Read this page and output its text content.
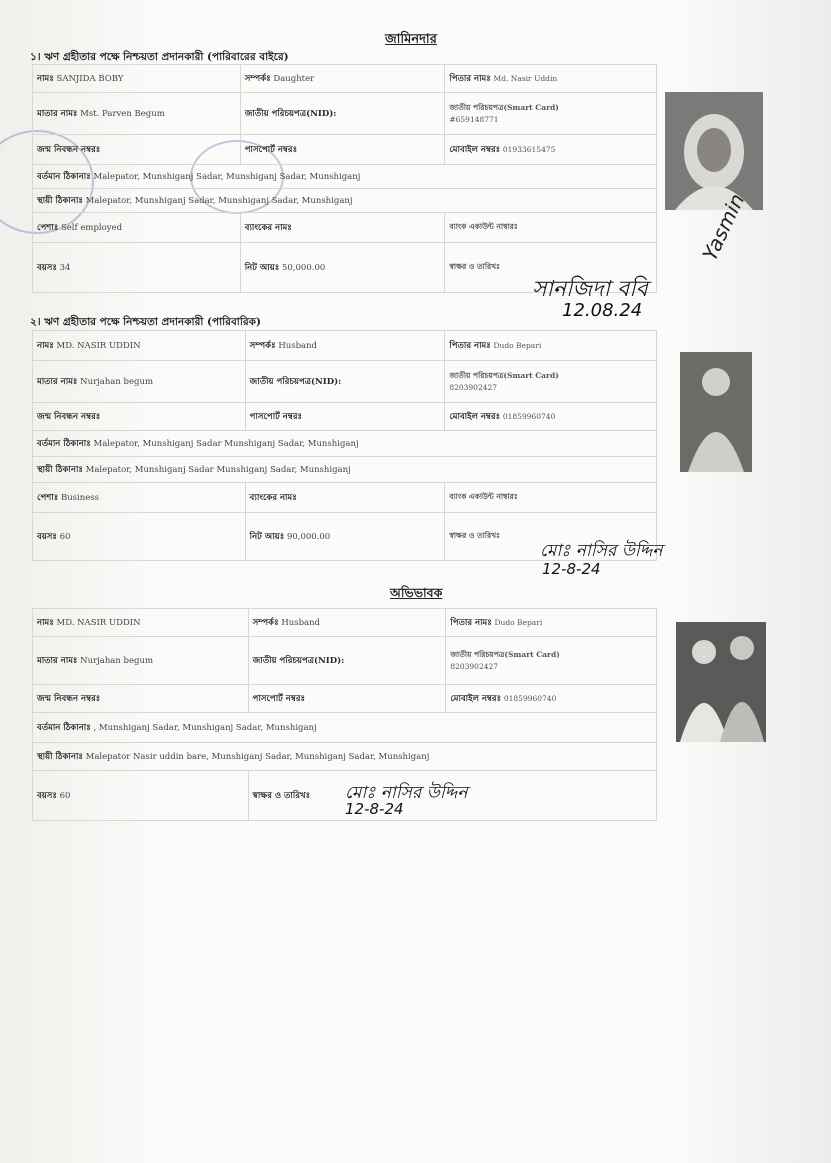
জামিনদার
১। ঋণ গ্রহীতার পক্ষে নিশ্চয়তা প্রদানকারী (পারিবারের বাইরে)
নামঃ SANJIDA BOBY	সম্পর্কঃ Daughter	পিতার নামঃ Md. Nasir Uddin
মাতার নামঃ Mst. Parven Begum	জাতীয় পরিচয়পত্র(NID):	জাতীয় পরিচয়পত্র(Smart Card)
#6591487​71
জন্ম নিবন্ধন নম্বরঃ	পাসপোর্ট নম্বরঃ	মোবাইল নম্বরঃ 01933615475
বর্তমান ঠিকানাঃ Malepator, Munshiganj Sadar, Munshiganj Sadar, Munshiganj		
স্থায়ী ঠিকানাঃ Malepator, Munshiganj Sadar, Munshiganj Sadar, Munshiganj		
পেশাঃ Self employed	ব্যাংকের নামঃ	ব্যাংক একাউন্ট নাম্বারঃ
বয়সঃ 34	নিট আয়ঃ 50,000.00	স্বাক্ষর ও তারিখঃ
সানজিদা ববি
12.08.24
Yasmin
২। ঋণ গ্রহীতার পক্ষে নিশ্চয়তা প্রদানকারী (পারিবারিক)
নামঃ MD. NASIR UDDIN	সম্পর্কঃ Husband	পিতার নামঃ Dudo Bepari
মাতার নামঃ Nurjahan begum	জাতীয় পরিচয়পত্র(NID):	জাতীয় পরিচয়পত্র(Smart Card)
8203902427
জন্ম নিবন্ধন নম্বরঃ	পাসপোর্ট নম্বরঃ	মোবাইল নম্বরঃ 01859960740
বর্তমান ঠিকানাঃ Malepator, Munshiganj Sadar Munshiganj Sadar, Munshiganj		
স্থায়ী ঠিকানাঃ Malepator, Munshiganj Sadar Munshiganj Sadar, Munshiganj		
পেশাঃ Business	ব্যাংকের নামঃ	ব্যাংক একাউন্ট নাম্বারঃ
বয়সঃ 60	নিট আয়ঃ 90,000.00	স্বাক্ষর ও তারিখঃ
মোঃ নাসির উদ্দিন
12-8-24
অভিভাবক
নামঃ MD. NASIR UDDIN	সম্পর্কঃ Husband	পিতার নামঃ Dudo Bepari
মাতার নামঃ Nurjahan begum	জাতীয় পরিচয়পত্র(NID):	জাতীয় পরিচয়পত্র(Smart Card)
8203902427
জন্ম নিবন্ধন নম্বরঃ	পাসপোর্ট নম্বরঃ	মোবাইল নম্বরঃ 01859960740
বর্তমান ঠিকানাঃ , Munshiganj Sadar, Munshiganj Sadar, Munshiganj		
স্থায়ী ঠিকানাঃ Malepator Nasir uddin bare, Munshiganj Sadar, Munshiganj Sadar, Munshiganj		
বয়সঃ 60	স্বাক্ষর ও তারিখঃ	মোঃ নাসির উদ্দিন
12-8-24
